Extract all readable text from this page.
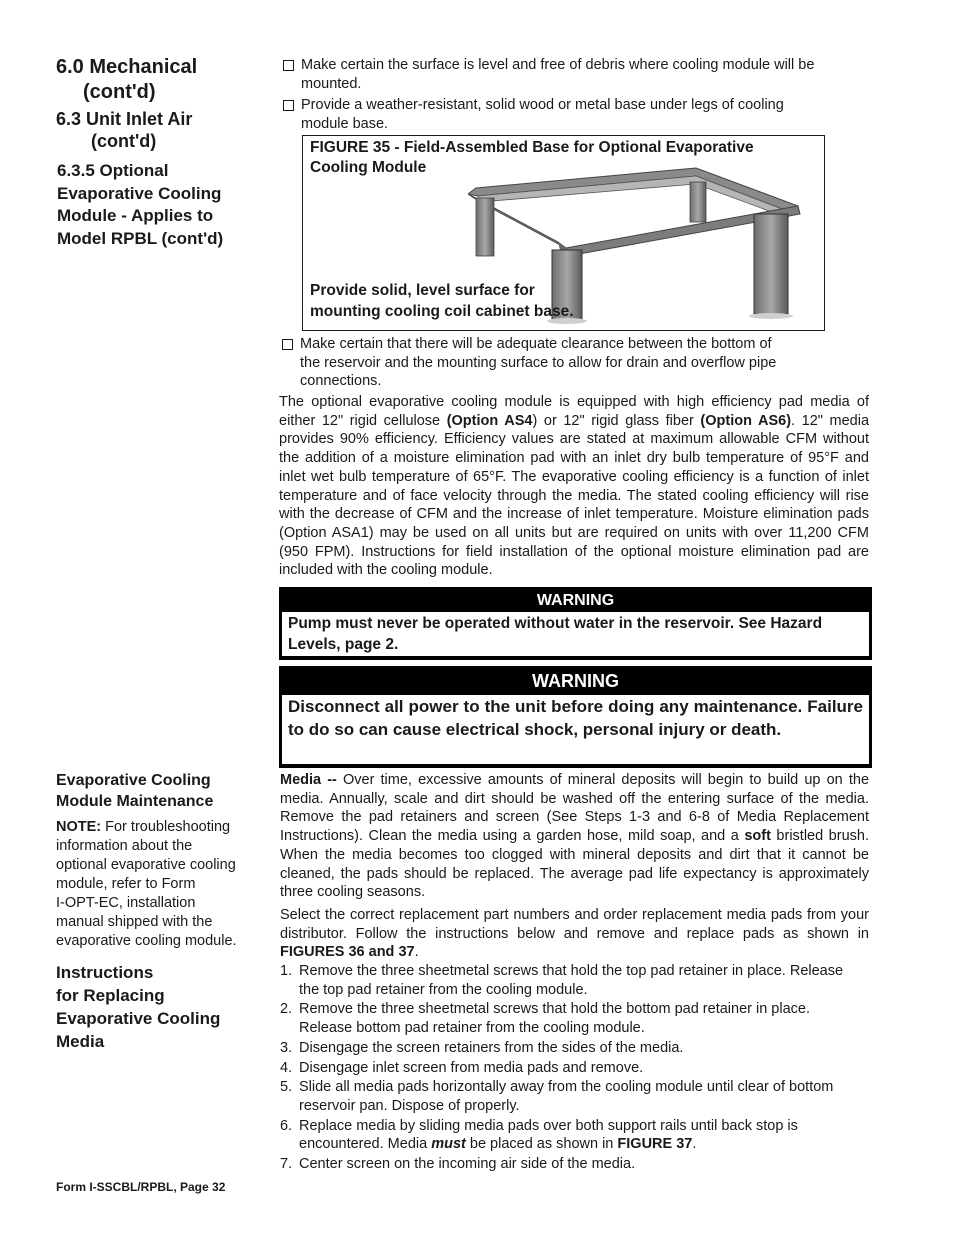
6.0 Mechanical
(cont'd)
6.3 Unit Inlet Air
(cont'd)
6.3.5 Optional
Evaporative Cooling
Module - Applies to
Model RPBL (cont'd)
Evaporative Cooling
Module Maintenance
NOTE: For troubleshooting
information about the
optional evaporative cooling
module, refer to Form
I-OPT-EC, installation
manual shipped with the
evaporative cooling module.
Instructions
for Replacing
Evaporative Cooling
Media
Make certain the surface is level and free of debris where cooling module will be
mounted.
Provide a weather-resistant, solid wood or metal base under legs of cooling
module base.
FIGURE 35 - Field-Assembled Base for Optional Evaporative
Cooling Module
Provide solid, level surface for
mounting cooling coil cabinet base.
Make certain that there will be adequate clearance between the bottom of
the reservoir and the mounting surface to allow for drain and overflow pipe
connections.
The optional evaporative cooling module is equipped with high efficiency pad media of either 12" rigid cellulose (Option AS4) or 12" rigid glass fiber (Option AS6). 12" media provides 90% efficiency. Efficiency values are stated at maximum allowable CFM without the addition of a moisture elimination pad with an inlet dry bulb temperature of 95°F and inlet wet bulb temperature of 65°F. The evaporative cooling efficiency is a function of inlet temperature and of face velocity through the media. The stated cooling efficiency will rise with the decrease of CFM and the increase of inlet temperature. Moisture elimination pads (Option ASA1) may be used on all units but are required on units with over 11,200 CFM (950 FPM). Instructions for field installation of the optional moisture elimination pad are included with the cooling module.
WARNING
Pump must never be operated without water in the reservoir. See Hazard Levels, page 2.
WARNING
Disconnect all power to the unit before doing any maintenance. Failure to do so can cause electrical shock, personal injury or death.
Media -- Over time, excessive amounts of mineral deposits will begin to build up on the media. Annually, scale and dirt should be washed off the entering surface of the media. Remove the pad retainers and screen (See Steps 1-3 and 6-8 of Media Replacement Instructions). Clean the media using a garden hose, mild soap, and a soft bristled brush. When the media becomes too clogged with mineral deposits and dirt that it cannot be cleaned, the pads should be replaced. The average pad life expectancy is approximately three cooling seasons.
Select the correct replacement part numbers and order replacement media pads from your distributor. Follow the instructions below and remove and replace pads as shown in FIGURES 36 and 37.
1. Remove the three sheetmetal screws that hold the top pad retainer in place. Release the top pad retainer from the cooling module.
2. Remove the three sheetmetal screws that hold the bottom pad retainer in place. Release bottom pad retainer from the cooling module.
3. Disengage the screen retainers from the sides of the media.
4. Disengage inlet screen from media pads and remove.
5. Slide all media pads horizontally away from the cooling module until clear of bottom reservoir pan. Dispose of properly.
6. Replace media by sliding media pads over both support rails until back stop is encountered. Media must be placed as shown in FIGURE 37.
7. Center screen on the incoming air side of the media.
Form I-SSCBL/RPBL, Page 32
